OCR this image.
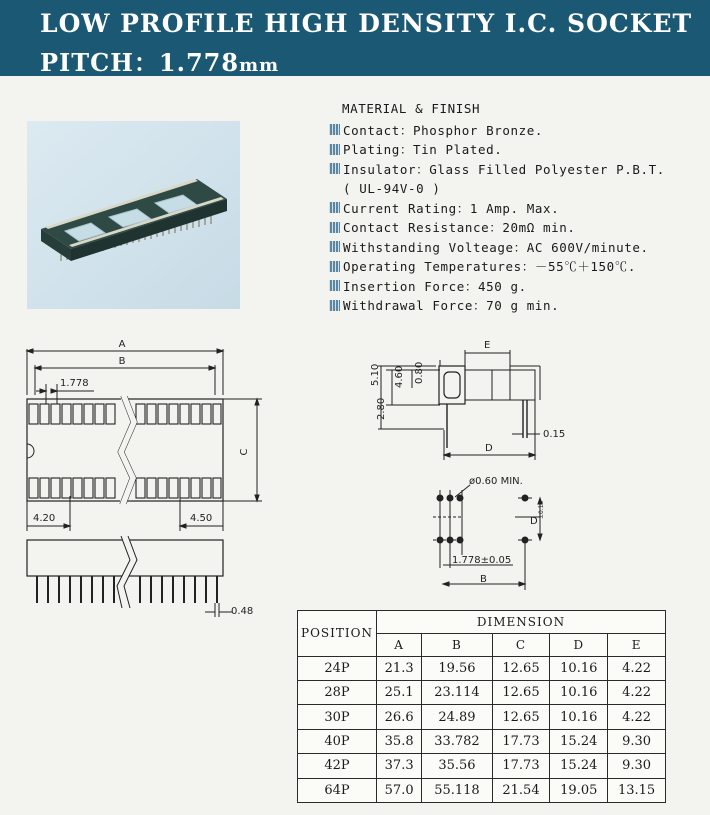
LOW PROFILE HIGH DENSITY I.C. SOCKET
PITCH：1.778mm
MATERIAL & FINISH
Contact：Phosphor Bronze.
Plating：Tin Plated.
Insulator：Glass Filled Polyester P.B.T.
( UL-94V-0 )
Current Rating：1 Amp. Max.
Contact Resistance：20mΩ min.
Withstanding Volteage：AC 600V/minute.
Operating Temperatures：－55℃＋150℃.
Insertion Force：450 g.
Withdrawal Force：70 g min.
A
B
1.778
C
4.20	4.50
0.48
E
D
5.10 4.60 0.80
2.80
0.15
ø0.60 MIN.
1.778±0.05
B
D
±0.10
POSITION	DIMENSION				
	A	B	C	D	E
24P	21.3	19.56	12.65	10.16	4.22
28P	25.1	23.114	12.65	10.16	4.22
30P	26.6	24.89	12.65	10.16	4.22
40P	35.8	33.782	17.73	15.24	9.30
42P	37.3	35.56	17.73	15.24	9.30
64P	57.0	55.118	21.54	19.05	13.15
